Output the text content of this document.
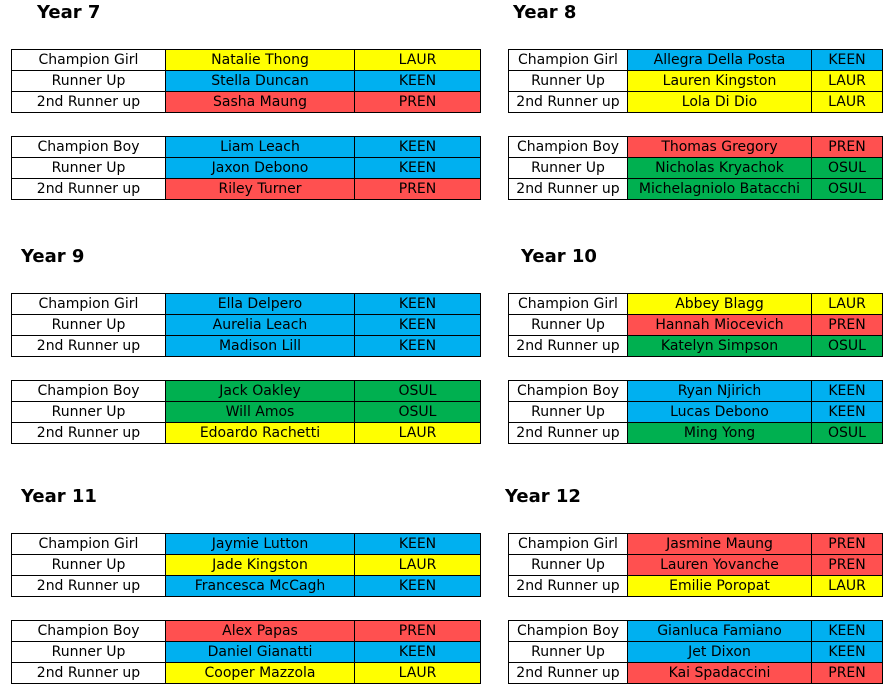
Year 7
Champion Girl	Natalie Thong	LAUR
Runner Up	Stella Duncan	KEEN
2nd Runner up	Sasha Maung	PREN
Champion Boy	Liam Leach	KEEN
Runner Up	Jaxon Debono	KEEN
2nd Runner up	Riley Turner	PREN
Year 8
Champion Girl	Allegra Della Posta	KEEN
Runner Up	Lauren Kingston	LAUR
2nd Runner up	Lola Di Dio	LAUR
Champion Boy	Thomas Gregory	PREN
Runner Up	Nicholas Kryachok	OSUL
2nd Runner up	Michelagniolo Batacchi	OSUL
Year 9
Champion Girl	Ella Delpero	KEEN
Runner Up	Aurelia Leach	KEEN
2nd Runner up	Madison Lill	KEEN
Champion Boy	Jack Oakley	OSUL
Runner Up	Will Amos	OSUL
2nd Runner up	Edoardo Rachetti	LAUR
Year 10
Champion Girl	Abbey Blagg	LAUR
Runner Up	Hannah Miocevich	PREN
2nd Runner up	Katelyn Simpson	OSUL
Champion Boy	Ryan Njirich	KEEN
Runner Up	Lucas Debono	KEEN
2nd Runner up	Ming Yong	OSUL
Year 11
Champion Girl	Jaymie Lutton	KEEN
Runner Up	Jade Kingston	LAUR
2nd Runner up	Francesca McCagh	KEEN
Champion Boy	Alex Papas	PREN
Runner Up	Daniel Gianatti	KEEN
2nd Runner up	Cooper Mazzola	LAUR
Year 12
Champion Girl	Jasmine Maung	PREN
Runner Up	Lauren Yovanche	PREN
2nd Runner up	Emilie Poropat	LAUR
Champion Boy	Gianluca Famiano	KEEN
Runner Up	Jet Dixon	KEEN
2nd Runner up	Kai Spadaccini	PREN
